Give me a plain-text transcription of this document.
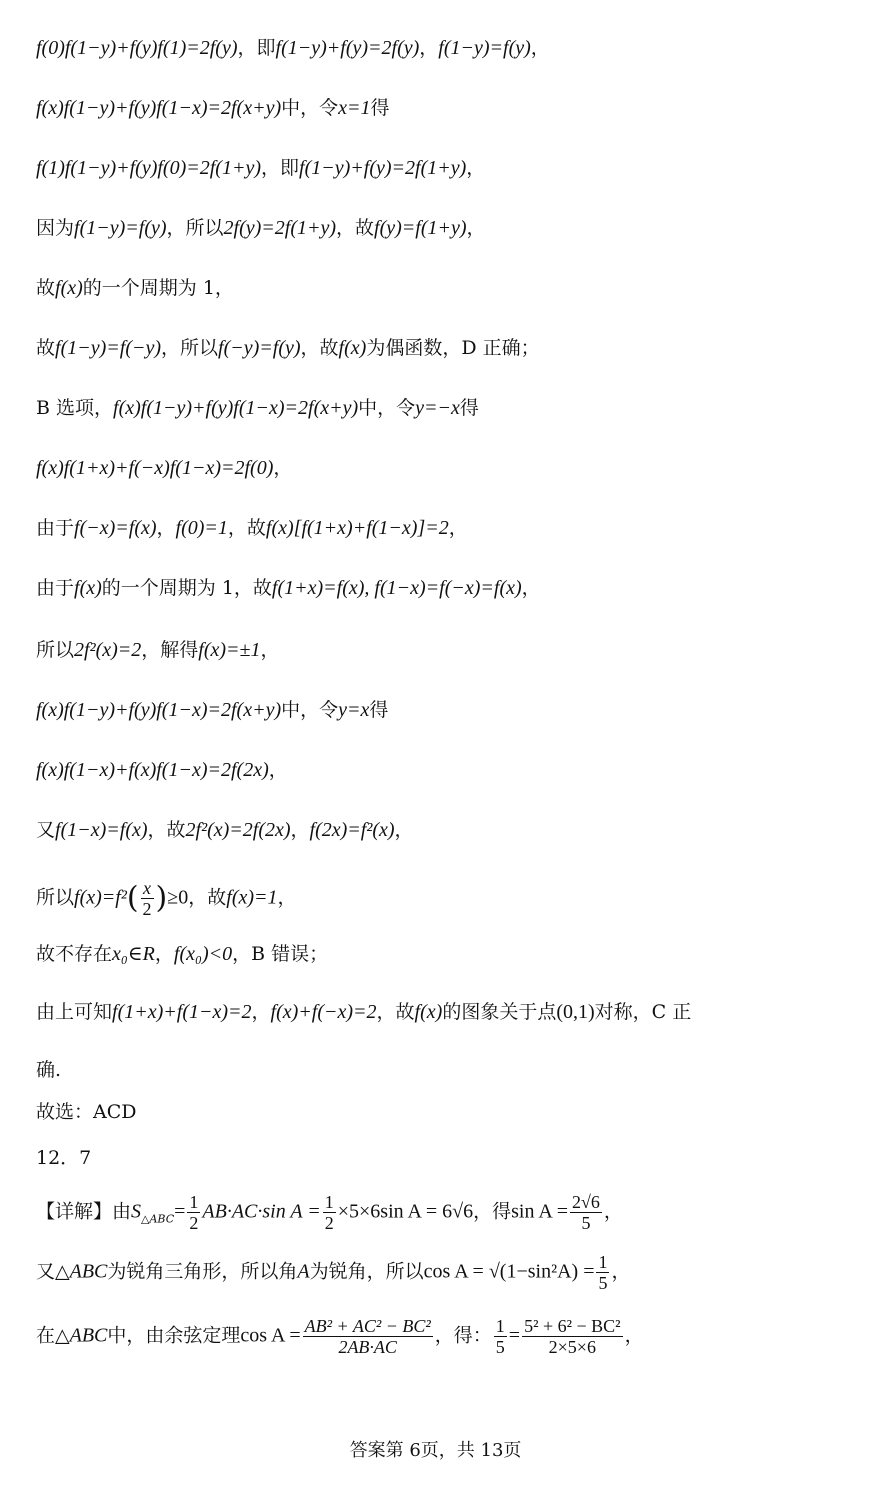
f(0)f(1−y)+f(y)f(1)=2f(y)，即f(1−y)+f(y)=2f(y)，f(1−y)=f(y)，
f(x)f(1−y)+f(y)f(1−x)=2f(x+y)中，令x=1得
f(1)f(1−y)+f(y)f(0)=2f(1+y)，即f(1−y)+f(y)=2f(1+y)，
因为f(1−y)=f(y)，所以2f(y)=2f(1+y)，故f(y)=f(1+y)，
故f(x)的一个周期为 1，
故f(1−y)=f(−y)，所以f(−y)=f(y)，故f(x)为偶函数，D 正确；
B 选项，f(x)f(1−y)+f(y)f(1−x)=2f(x+y)中，令y=−x得
f(x)f(1+x)+f(−x)f(1−x)=2f(0)，
由于f(−x)=f(x)，f(0)=1，故f(x)[f(1+x)+f(1−x)]=2，
由于f(x)的一个周期为 1，故f(1+x)=f(x), f(1−x)=f(−x)=f(x)，
所以2f²(x)=2，解得f(x)=±1，
f(x)f(1−y)+f(y)f(1−x)=2f(x+y)中，令y=x得
f(x)f(1−x)+f(x)f(1−x)=2f(2x)，
又f(1−x)=f(x)，故2f²(x)=2f(2x)，f(2x)=f²(x)，
所以$f(x)=f^2( \frac{x}{2} )\ge 0$，故f(x)=1，
故不存在x₀∈R，f(x₀)<0，B 错误；
由上可知f(1+x)+f(1−x)=2，f(x)+f(−x)=2，故f(x)的图象关于点(0,1)对称，C 正
确.
故选：ACD
12．7
【详解】由$S_{\triangle ABC}= \frac{1}{2} AB\cdot AC\cdot\sin$ $A = \frac{1}{2} \times 5\times 6\sin$ A = 6√6，得$\sin A = \frac{2√6}{5}$ ，
又△ABC为锐角三角形，所以角A为锐角，所以$\cos A = √(1-\sin^2A) = \frac{1}{5}$ ，
在△ABC中，由余弦定理$\cos A = \frac{\text{AB² + AC² − BC²}}{2AB\cdot AC}$ ，得： $\frac{1}{5} = \frac{\text{5² + 6² − BC²}}{2\times 5\times 6}$ ，
答案第 6页，共 13页
